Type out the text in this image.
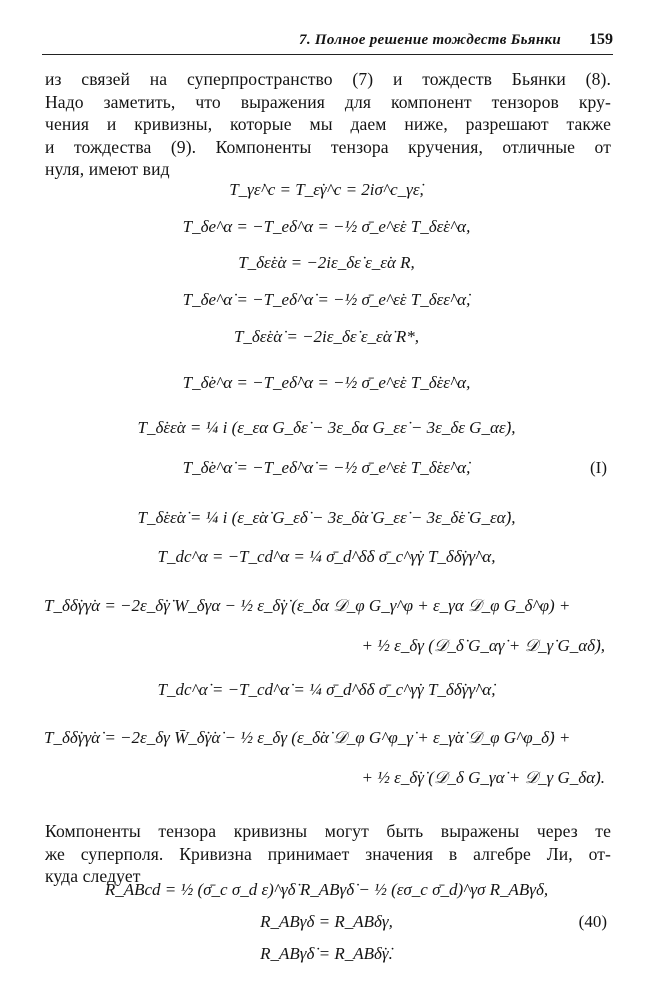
7. Полное решение тождеств Бьянки 159
из связей на суперпространство (7) и тождеств Бьянки (8).
Надо заметить, что выражения для компонент тензоров кру-
чения и кривизны, которые мы даем ниже, разрешают также
и тождества (9). Компоненты тензора кручения, отличные от
нуля, имеют вид
T_γε̇^c = T_ε̇γ^c = 2iσ^c_γε̇,
T_δe^α = −T_eδ^α = −½ σ̄_e^ε̇ε T_δε̇ε^α,
T_δε̇ε̇α = −2iε_δε̇ ε_ε̇α R,
T_δe^α̇ = −T_eδ^α̇ = −½ σ̄_e^ε̇ε T_δεε̇^α̇,
T_δε̇ε̇α̇ = −2iε_δε̇ ε_ε̇α̇ R*,
T_δ̇e^α = −T_eδ̇^α = −½ σ̄_e^ε̇ε T_δ̇εε̇^α,
T_δ̇εε̇α = ¼ i (ε_εα G_δε̇ − 3ε_δα G_εε̇ − 3ε_δε G_αε̇),
T_δ̇e^α̇ = −T_eδ̇^α̇ = −½ σ̄_e^ε̇ε T_δ̇εε̇^α̇,	(I)
T_δ̇εε̇α̇ = ¼ i (ε_ε̇α̇ G_εδ̇ − 3ε_δ̇α̇ G_εε̇ − 3ε_δ̇ε̇ G_εα̇),
T_dc^α = −T_cd^α = ¼ σ̄_d^δ̇δ σ̄_c^γ̇γ T_δδ̇γγ̇^α,
T_δδ̇γγ̇α = −2ε_δ̇γ̇ W_δγα − ½ ε_δ̇γ̇ (ε_δα 𝒟_φ G_γ^φ + ε_γα 𝒟_φ G_δ^φ) +
+ ½ ε_δγ (𝒟_δ̇ G_αγ̇ + 𝒟_γ̇ G_αδ̇),
T_dc^α̇ = −T_cd^α̇ = ¼ σ̄_d^δ̇δ σ̄_c^γ̇γ T_δδ̇γγ̇^α̇,
T_δδ̇γγ̇α̇ = −2ε_δγ W̄_δ̇γ̇α̇ − ½ ε_δγ (ε_δ̇α̇ 𝒟_φ G^φ_γ̇ + ε_γ̇α̇ 𝒟_φ G^φ_δ̇) +
+ ½ ε_δ̇γ̇ (𝒟_δ G_γα̇ + 𝒟_γ G_δα̇).
Компоненты тензора кривизны могут быть выражены через те
же суперполя. Кривизна принимает значения в алгебре Ли, от-
куда следует
R_ABcd = ½ (σ̄_c σ_d ε)^γ̇δ̇ R_ABγ̇δ̇ − ½ (εσ_c σ̄_d)^γσ R_ABγδ,
R_ABγδ = R_ABδγ,	(40)
R_ABγ̇δ̇ = R_ABδ̇γ̇.
